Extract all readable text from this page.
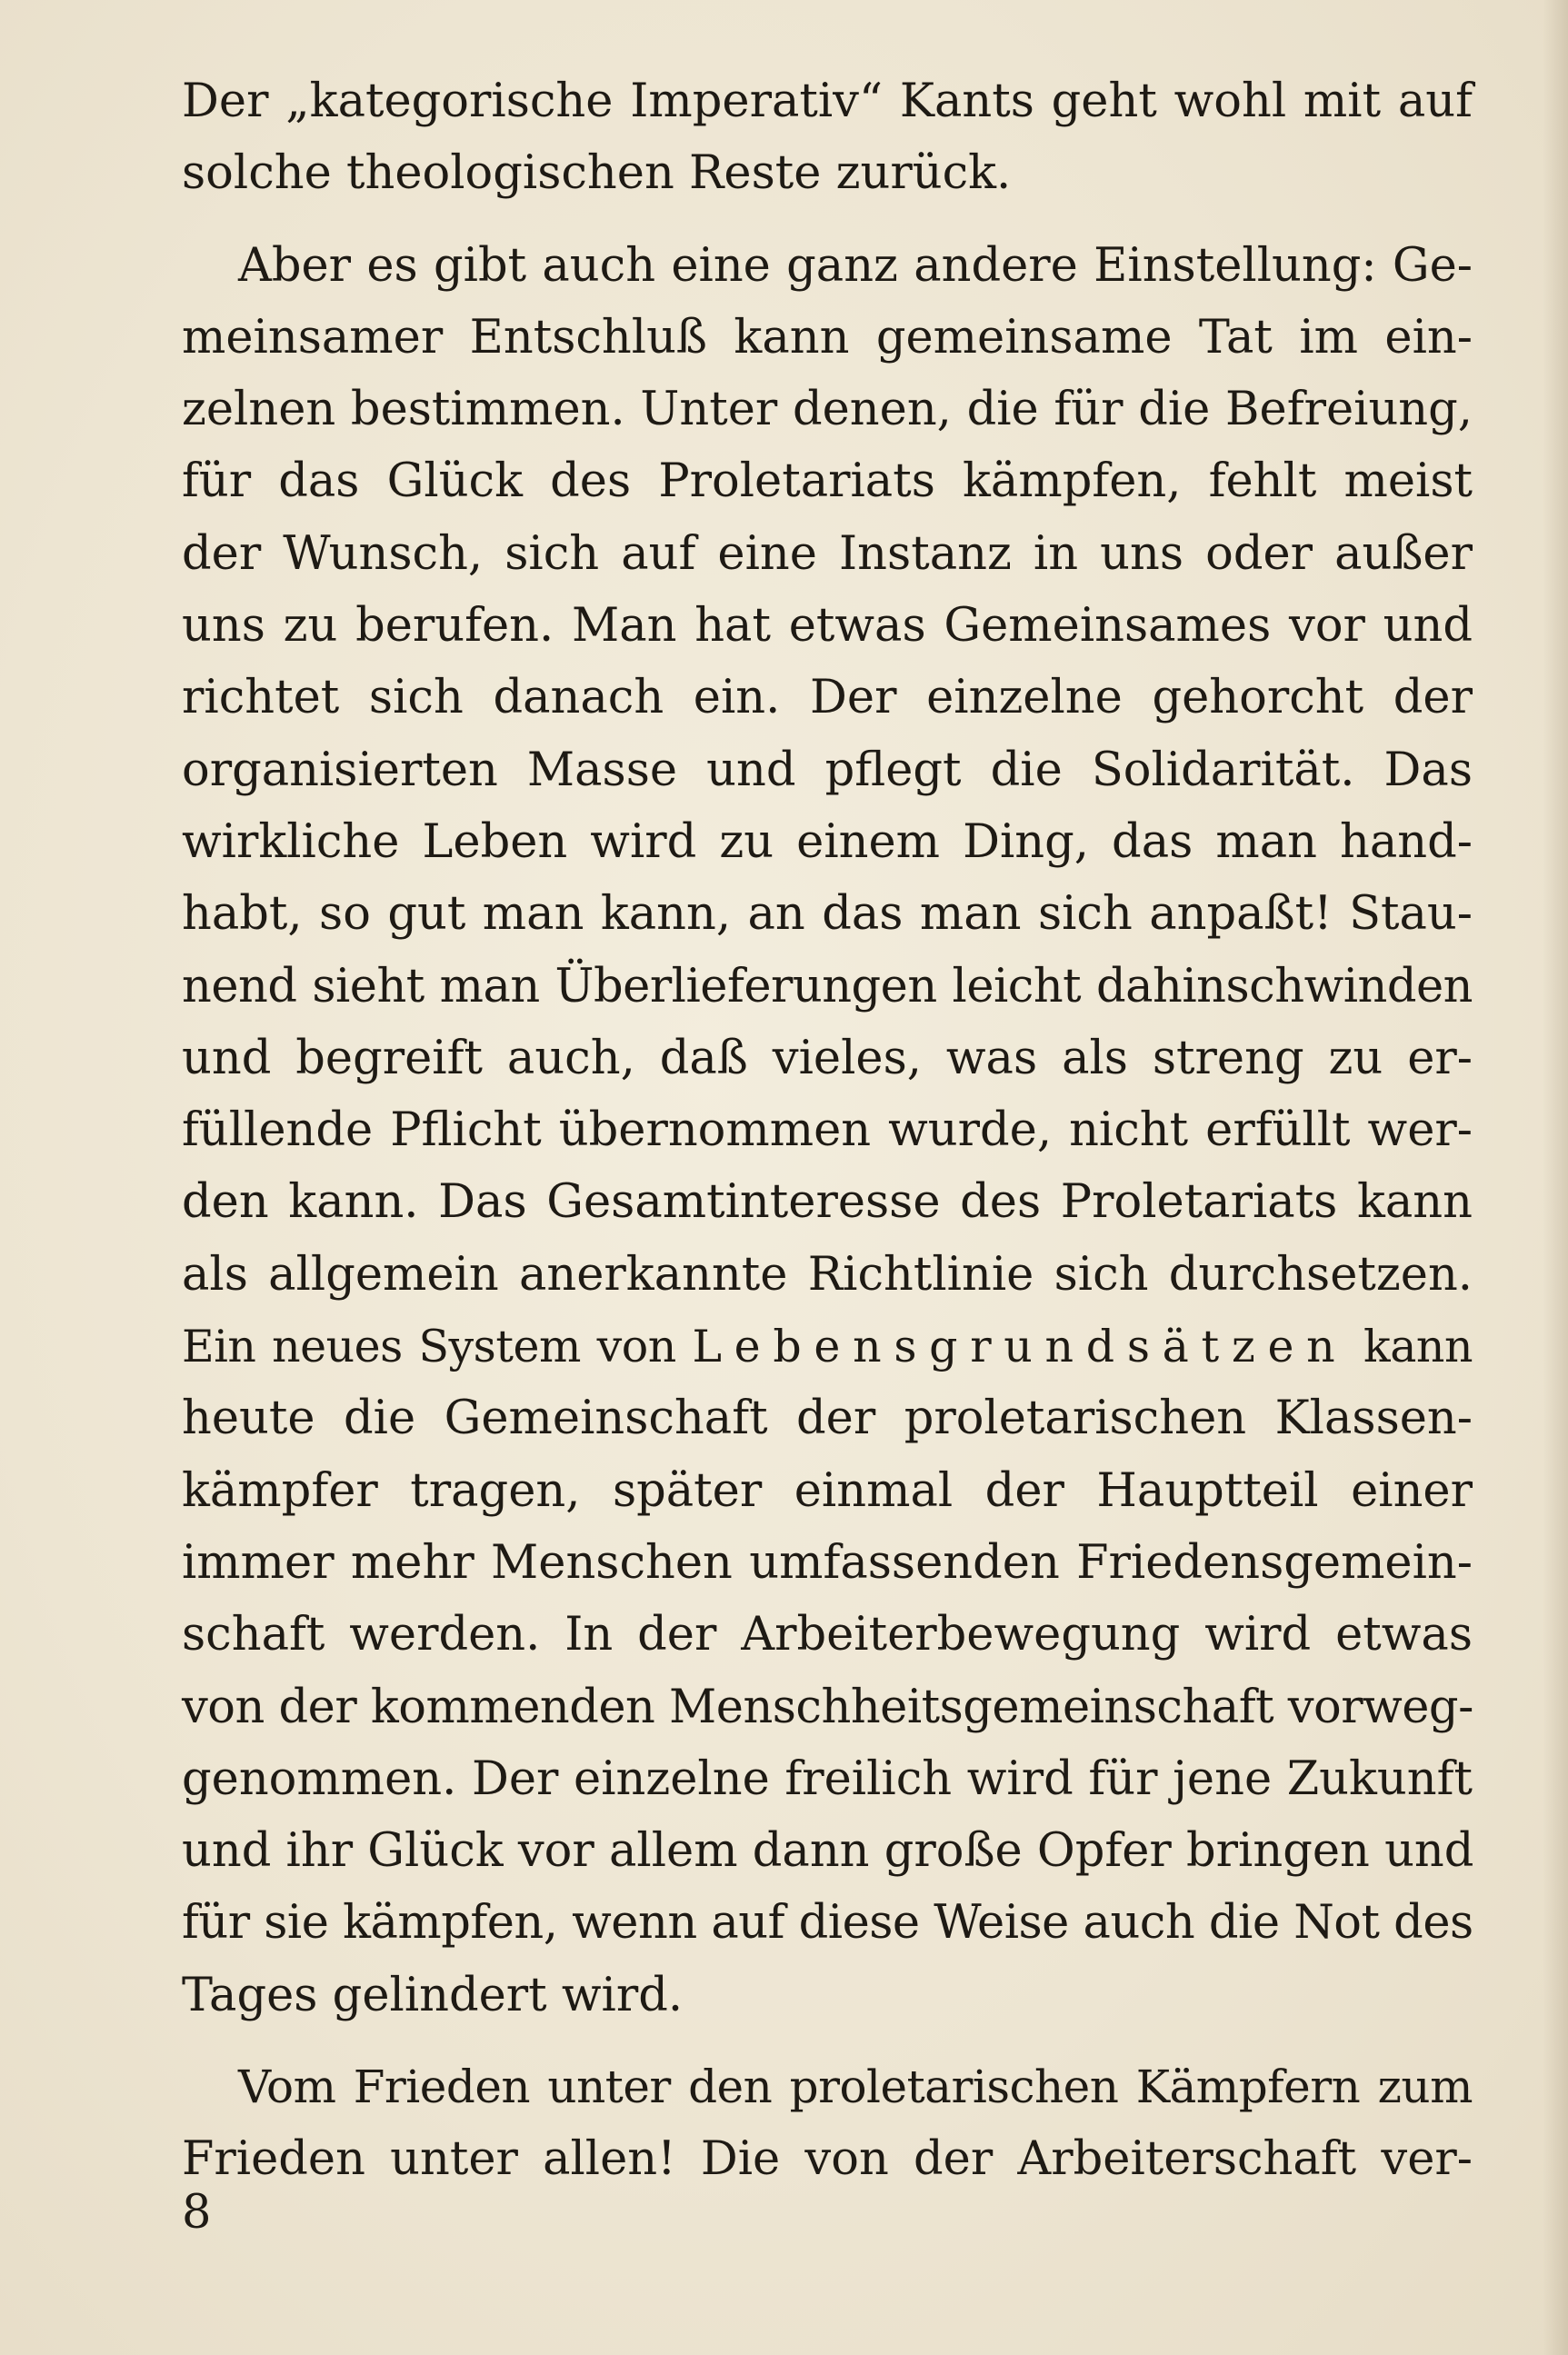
Der „kategorische Imperativ“ Kants geht wohl mit auf
solche theologischen Reste zurück.
Aber es gibt auch eine ganz andere Einstellung: Ge-
meinsamer Entschluß kann gemeinsame Tat im ein-
zelnen bestimmen. Unter denen, die für die Befreiung,
für das Glück des Proletariats kämpfen, fehlt meist
der Wunsch, sich auf eine Instanz in uns oder außer
uns zu berufen. Man hat etwas Gemeinsames vor und
richtet sich danach ein. Der einzelne gehorcht der
organisierten Masse und pflegt die Solidarität. Das
wirkliche Leben wird zu einem Ding, das man hand-
habt, so gut man kann, an das man sich anpaßt! Stau-
nend sieht man Überlieferungen leicht dahinschwinden
und begreift auch, daß vieles, was als streng zu er-
füllende Pflicht übernommen wurde, nicht erfüllt wer-
den kann. Das Gesamtinteresse des Proletariats kann
als allgemein anerkannte Richtlinie sich durchsetzen.
Ein neues System von Lebensgrundsätzen kann
heute die Gemeinschaft der proletarischen Klassen-
kämpfer tragen, später einmal der Hauptteil einer
immer mehr Menschen umfassenden Friedensgemein-
schaft werden. In der Arbeiterbewegung wird etwas
von der kommenden Menschheitsgemeinschaft vorweg-
genommen. Der einzelne freilich wird für jene Zukunft
und ihr Glück vor allem dann große Opfer bringen und
für sie kämpfen, wenn auf diese Weise auch die Not des
Tages gelindert wird.
Vom Frieden unter den proletarischen Kämpfern zum
Frieden unter allen! Die von der Arbeiterschaft ver-
8
